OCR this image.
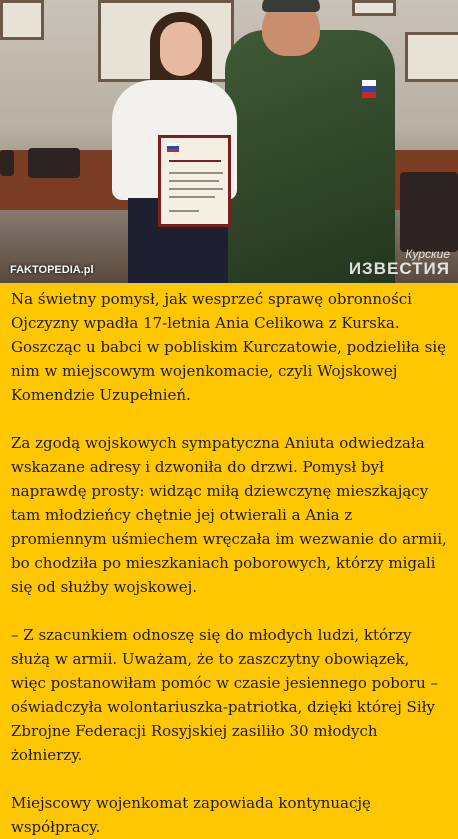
FAKTOPEDIA.pl
Курские
ИЗВЕСТИЯ

Na świetny pomysł, jak wesprzeć sprawę obronności Ojczyzny wpadła 17-letnia Ania Celikowa z Kurska. Goszcząc u babci w pobliskim Kurczatowie, podzieliła się nim w miejscowym wojenkomacie, czyli Wojskowej Komendzie Uzupełnień.

Za zgodą wojskowych sympatyczna Aniuta odwiedzała wskazane adresy i dzwoniła do drzwi. Pomysł był naprawdę prosty: widząc miłą dziewczynę mieszkający tam młodzieńcy chętnie jej otwierali a Ania z promiennym uśmiechem wręczała im wezwanie do armii, bo chodziła po mieszkaniach poborowych, którzy migali się od służby wojskowej.

– Z szacunkiem odnoszę się do młodych ludzi, którzy służą w armii. Uważam, że to zaszczytny obowiązek, więc postanowiłam pomóc w czasie jesiennego poboru – oświadczyła wolontariuszka-patriotka, dzięki której Siły Zbrojne Federacji Rosyjskiej zasiliło 30 młodych żołnierzy.

Miejscowy wojenkomat zapowiada kontynuację współpracy.
